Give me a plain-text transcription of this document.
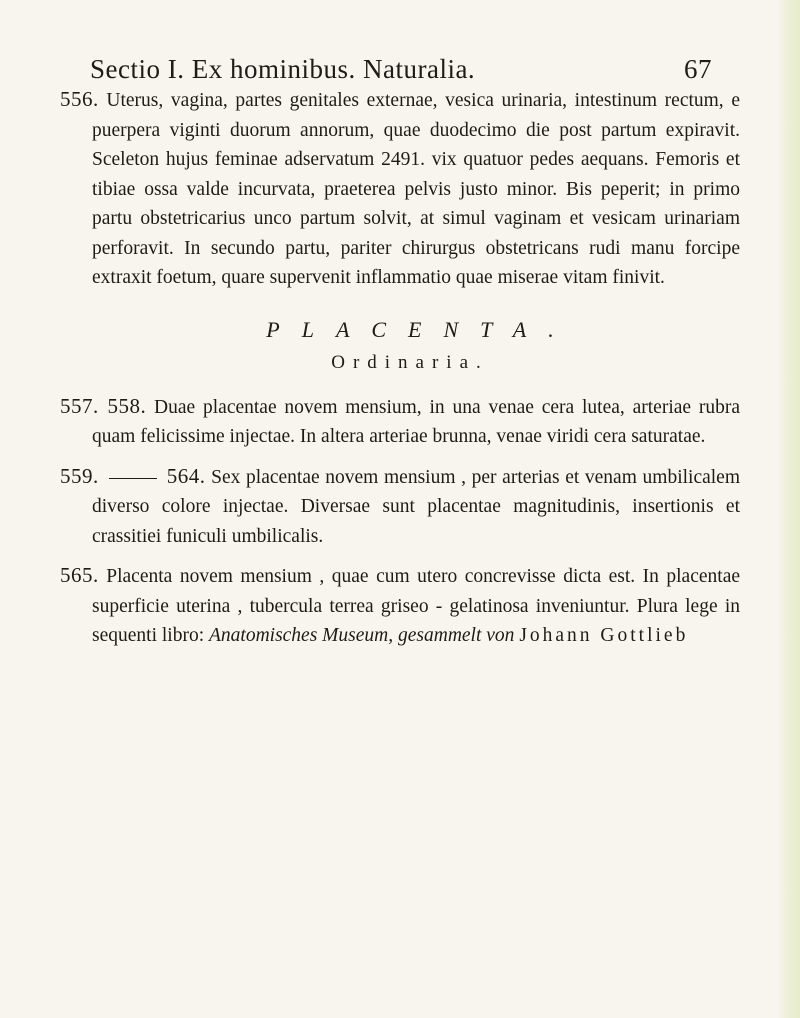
Sectio I. Ex hominibus. Naturalia.	67
556. Uterus, vagina, partes genitales externae, vesica urinaria, intestinum rectum, e puerpera viginti duorum annorum, quae duodecimo die post partum expiravit. Sceleton hujus feminae adservatum 2491. vix quatuor pedes aequans. Femoris et tibiae ossa valde incurvata, praeterea pelvis justo minor. Bis peperit; in primo partu obstetricarius unco partum solvit, at simul vaginam et vesicam urinariam perforavit. In secundo partu, pariter chirurgus obstetricans rudi manu forcipe extraxit foetum, quare supervenit inflammatio quae miserae vitam finivit.
PLACENTA.
Ordinaria.
557. 558. Duae placentae novem mensium, in una venae cera lutea, arteriae rubra quam felicissime injectae. In altera arteriae brunna, venae viridi cera saturatae.
559.	564. Sex placentae novem mensium , per arterias et venam umbilicalem diverso colore injectae. Diversae sunt placentae magnitudinis, insertionis et crassitiei funiculi umbilicalis.
565. Placenta novem mensium , quae cum utero concrevisse dicta est. In placentae superficie uterina , tubercula terrea griseo - gelatinosa inveniuntur. Plura lege in sequenti libro: Anatomisches Museum, gesammelt von Johann Gottlieb
